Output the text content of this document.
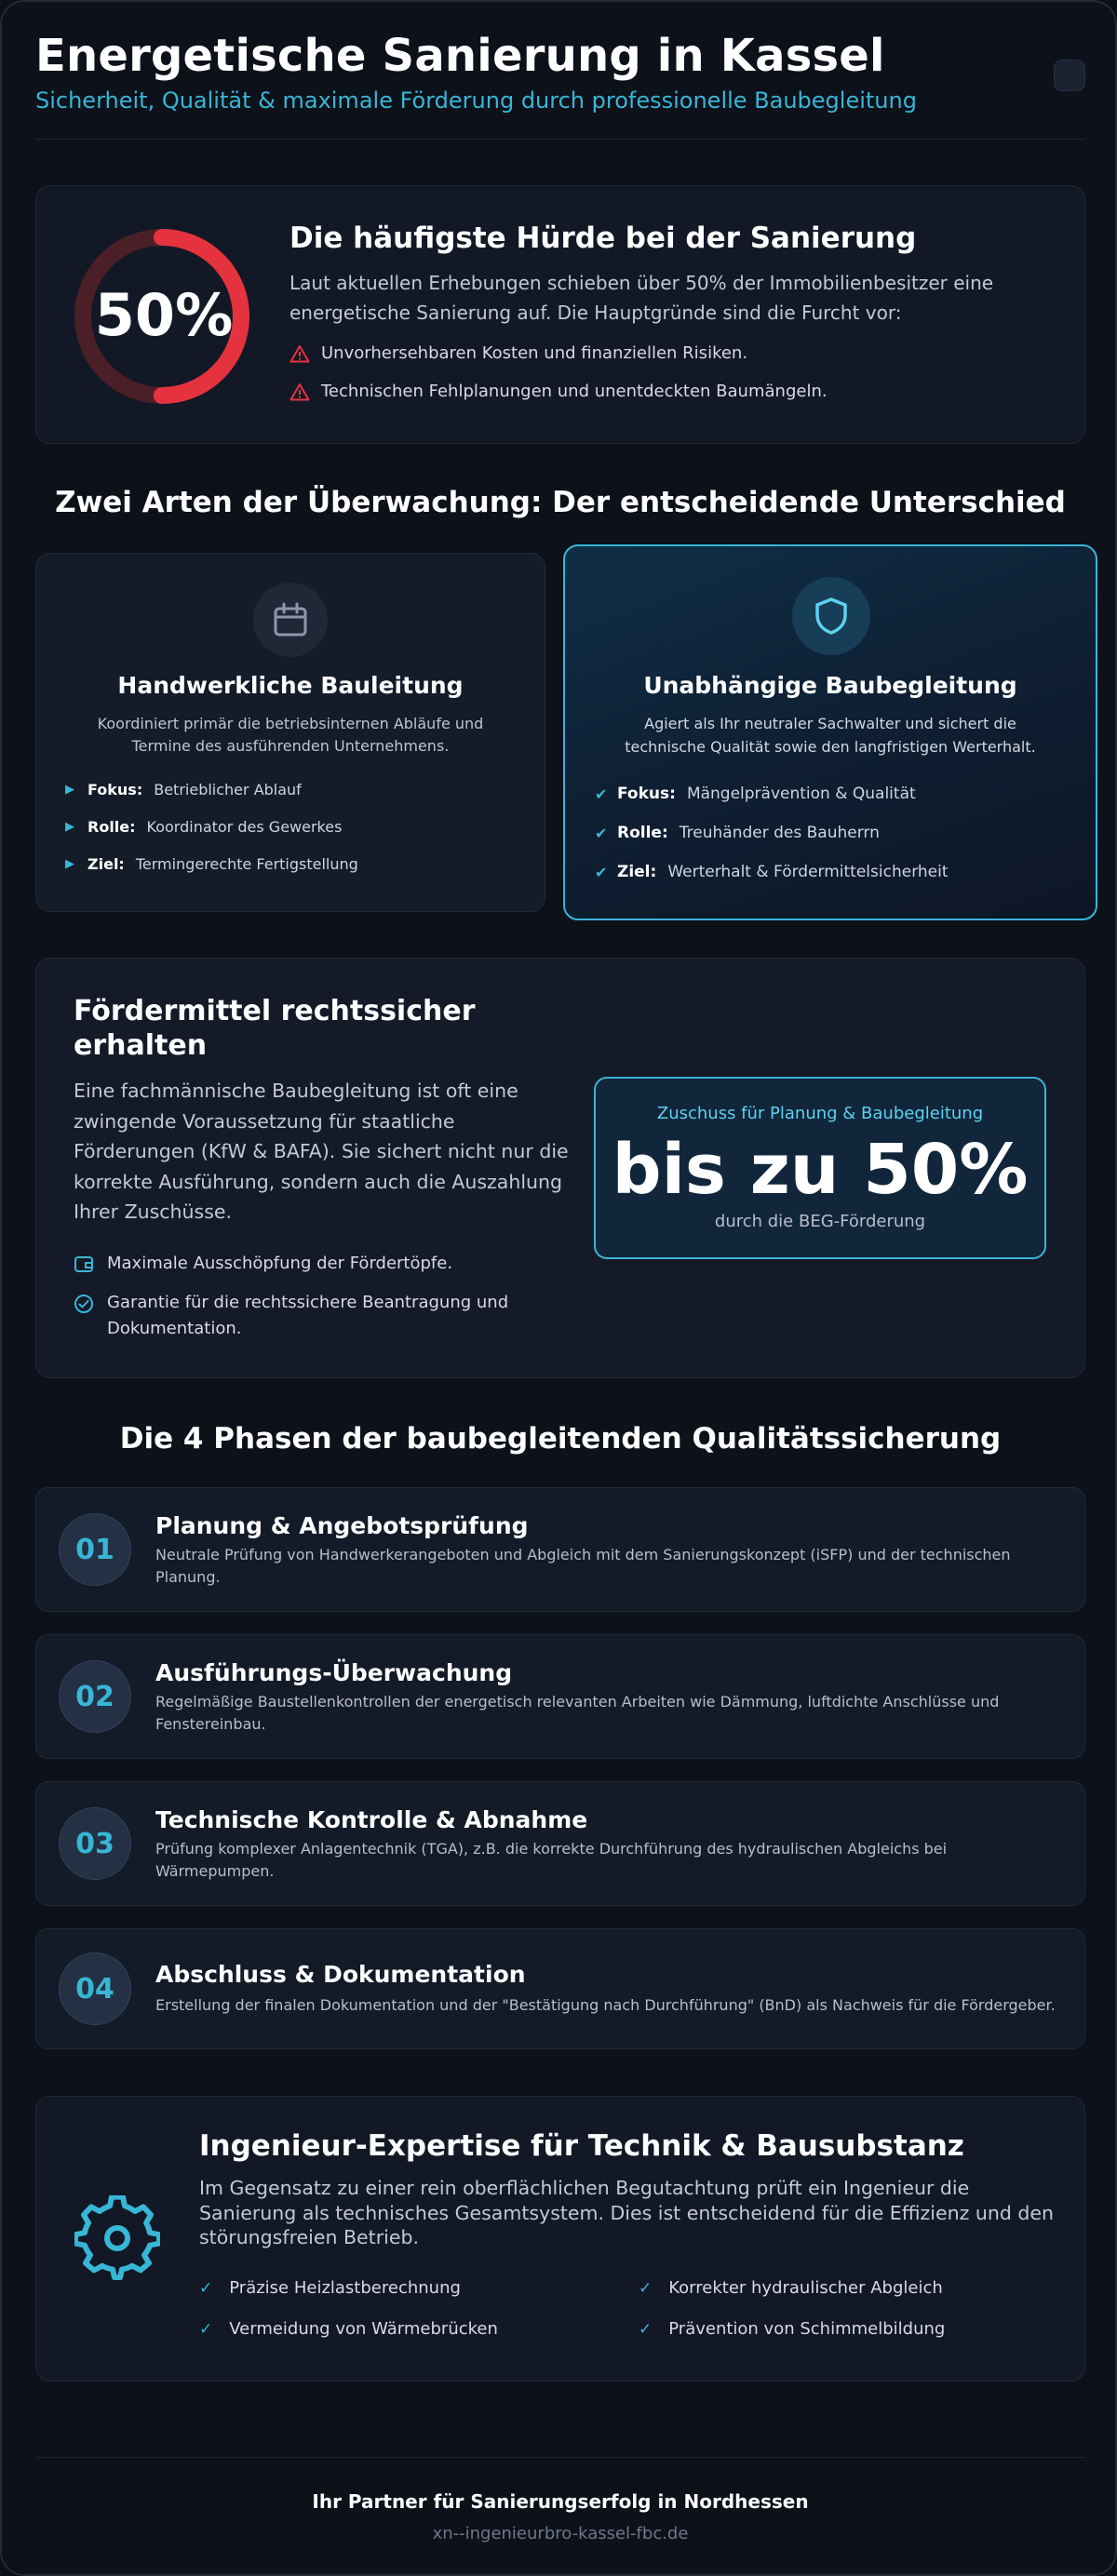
Energetische Sanierung in Kassel
Sicherheit, Qualität & maximale Förderung durch professionelle Baubegleitung
50%
Die häufigste Hürde bei der Sanierung
Laut aktuellen Erhebungen schieben über 50% der Immobilienbesitzer eine
energetische Sanierung auf. Die Hauptgründe sind die Furcht vor:
Unvorhersehbaren Kosten und finanziellen Risiken.
Technischen Fehlplanungen und unentdeckten Baumängeln.
Zwei Arten der Überwachung: Der entscheidende Unterschied
Handwerkliche Bauleitung
Koordiniert primär die betriebsinternen Abläufe und
Termine des ausführenden Unternehmens.
▶ Fokus: Betrieblicher Ablauf
▶ Rolle: Koordinator des Gewerkes
▶ Ziel: Termingerechte Fertigstellung
Unabhängige Baubegleitung
Agiert als Ihr neutraler Sachwalter und sichert die
technische Qualität sowie den langfristigen Werterhalt.
✔ Fokus: Mängelprävention & Qualität
✔ Rolle: Treuhänder des Bauherrn
✔ Ziel: Werterhalt & Fördermittelsicherheit
Fördermittel rechtssicher
erhalten
Eine fachmännische Baubegleitung ist oft eine
zwingende Voraussetzung für staatliche
Förderungen (KfW & BAFA). Sie sichert nicht nur die
korrekte Ausführung, sondern auch die Auszahlung
Ihrer Zuschüsse.
Maximale Ausschöpfung der Fördertöpfe.
Garantie für die rechtssichere Beantragung und
Dokumentation.
Zuschuss für Planung & Baubegleitung
bis zu 50%
durch die BEG-Förderung
Die 4 Phasen der baubegleitenden Qualitätssicherung
01
Planung & Angebotsprüfung
Neutrale Prüfung von Handwerkerangeboten und Abgleich mit dem Sanierungskonzept (iSFP) und der technischen
Planung.
02
Ausführungs-Überwachung
Regelmäßige Baustellenkontrollen der energetisch relevanten Arbeiten wie Dämmung, luftdichte Anschlüsse und
Fenstereinbau.
03
Technische Kontrolle & Abnahme
Prüfung komplexer Anlagentechnik (TGA), z.B. die korrekte Durchführung des hydraulischen Abgleichs bei
Wärmepumpen.
04	Abschluss & Dokumentation
Erstellung der finalen Dokumentation und der "Bestätigung nach Durchführung" (BnD) als Nachweis für die Fördergeber.
Ingenieur-Expertise für Technik & Bausubstanz
Im Gegensatz zu einer rein oberflächlichen Begutachtung prüft ein Ingenieur die
Sanierung als technisches Gesamtsystem. Dies ist entscheidend für die Effizienz und den
störungsfreien Betrieb.
✓ Präzise Heizlastberechnung	✓ Korrekter hydraulischer Abgleich
✓ Vermeidung von Wärmebrücken	✓ Prävention von Schimmelbildung
Ihr Partner für Sanierungserfolg in Nordhessen
xn--ingenieurbro-kassel-fbc.de
